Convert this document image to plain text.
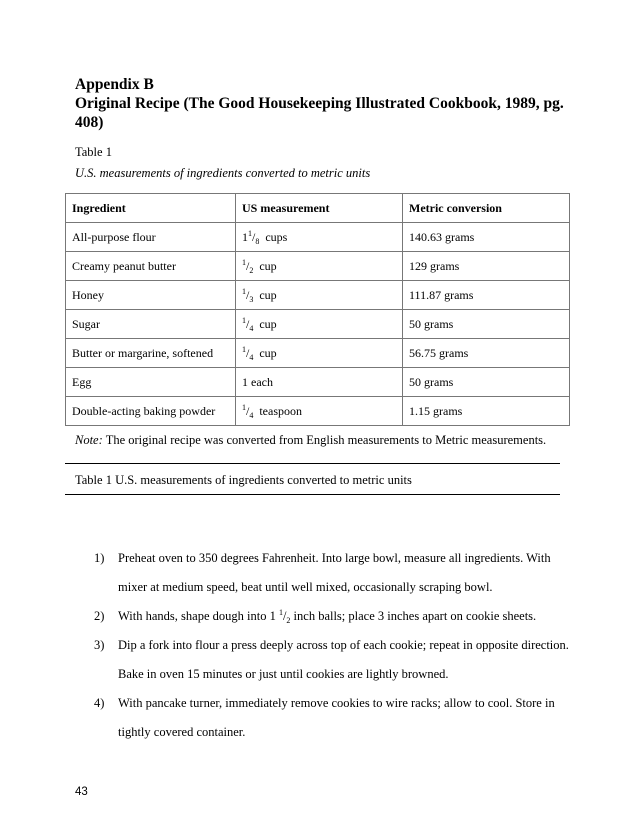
Appendix B
Original Recipe (The Good Housekeeping Illustrated Cookbook, 1989, pg.
408)
Table 1
U.S. measurements of ingredients converted to metric units
Ingredient	US measurement	Metric conversion
All-purpose flour	$1^1/_8$ cups	140.63 grams
Creamy peanut butter	$^1/_2$ cup	129 grams
Honey	$^1/_3$ cup	111.87 grams
Sugar	$^1/_4$ cup	50 grams
Butter or margarine, softened	$^1/_4$ cup	56.75 grams
Egg	1 each	50 grams
Double-acting baking powder	$^1/_4$ teaspoon	1.15 grams
Note: The original recipe was converted from English measurements to Metric measurements.
Table 1 U.S. measurements of ingredients converted to metric units
1) Preheat oven to 350 degrees Fahrenheit. Into large bowl, measure all ingredients. With mixer at medium speed, beat until well mixed, occasionally scraping bowl.
2) With hands, shape dough into 1 $^1/_2$ inch balls; place 3 inches apart on cookie sheets.
3) Dip a fork into flour a press deeply across top of each cookie; repeat in opposite direction. Bake in oven 15 minutes or just until cookies are lightly browned.
4) With pancake turner, immediately remove cookies to wire racks; allow to cool. Store in tightly covered container.
43
